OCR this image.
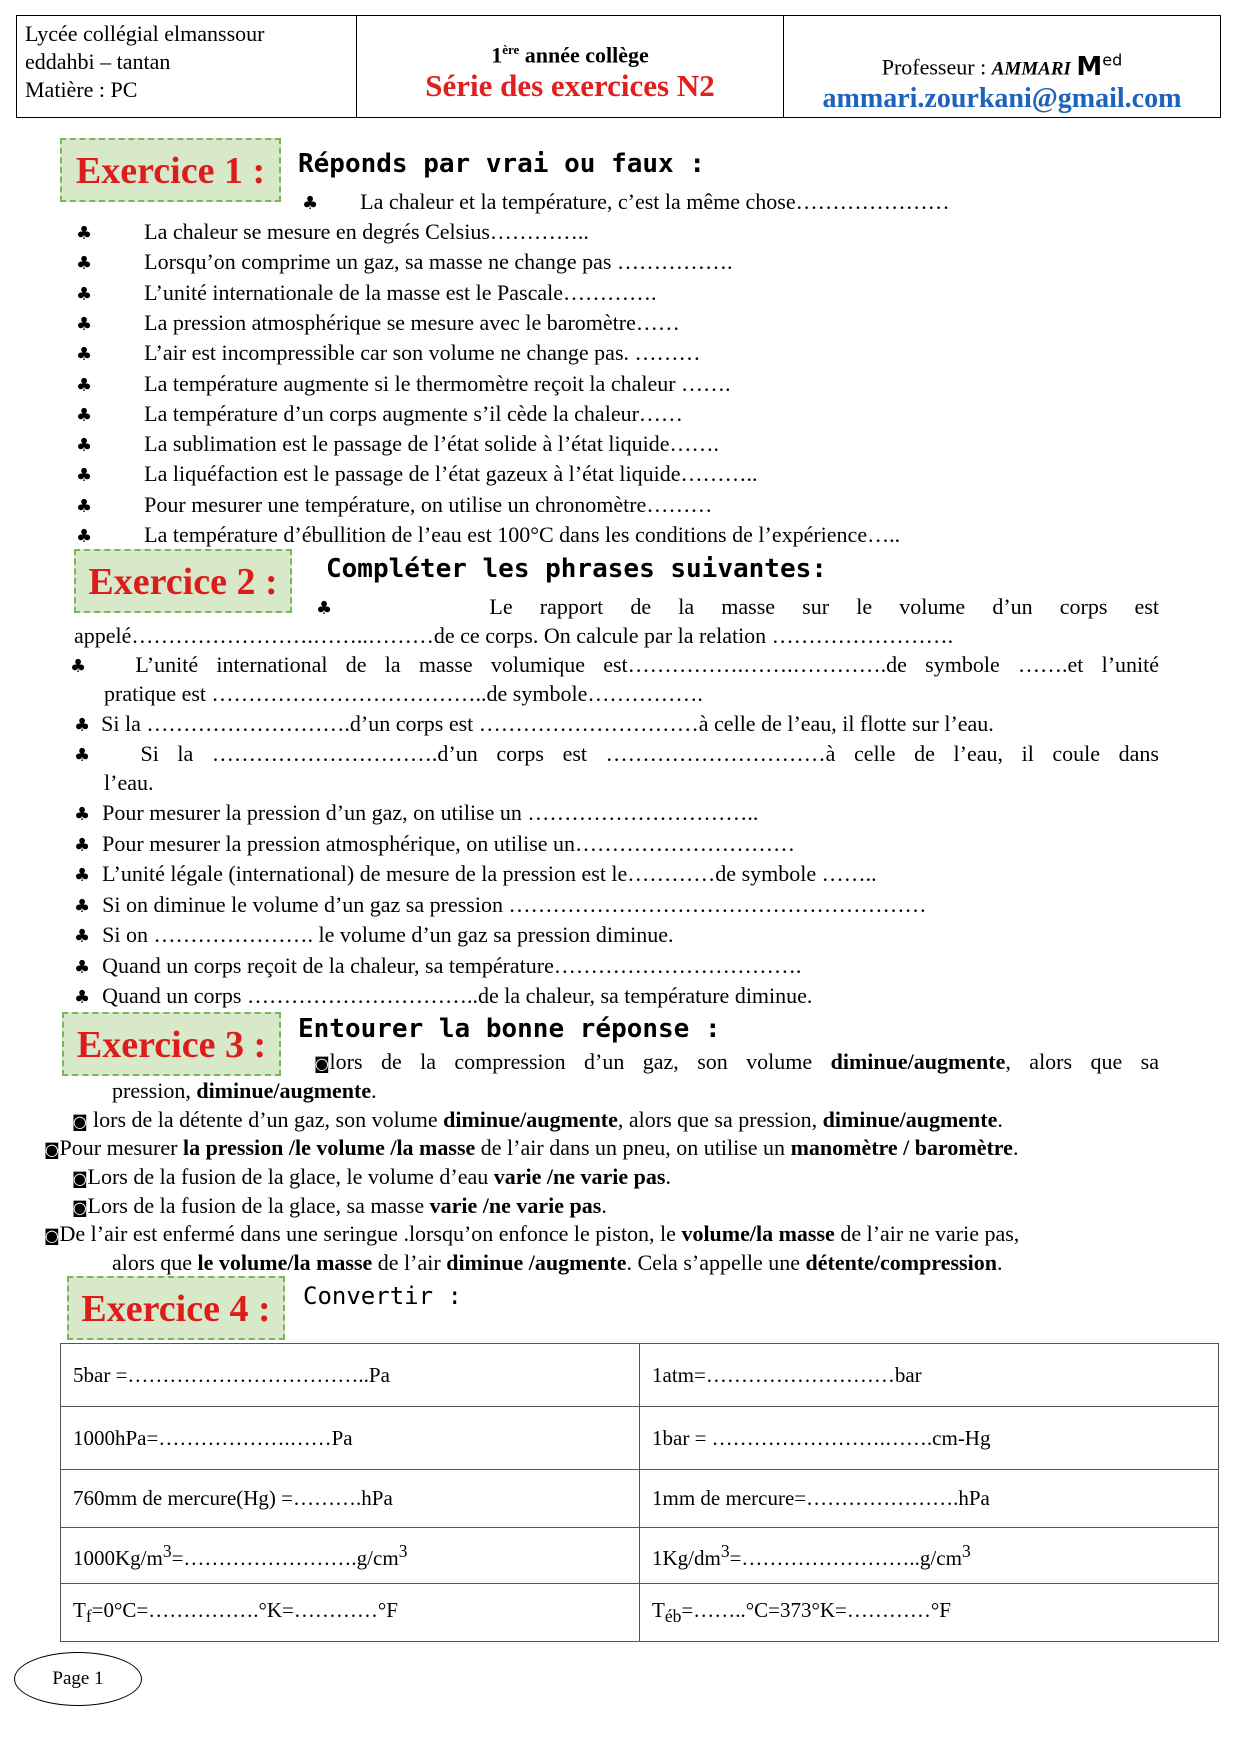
Lycée collégial elmanssour
eddahbi – tantan
Matière : PC
1ère année collège
Série des exercices N2
Professeur : AMMARI $M^{ed}$
ammari.zourkani@gmail.com
Exercice 1 :	Réponds par vrai ou faux :
♣ La chaleur et la température, c’est la même chose…………………
♣ La chaleur se mesure en degrés Celsius…………..
♣ Lorsqu’on comprime un gaz, sa masse ne change pas …………….
♣ L’unité internationale de la masse est le Pascale………….
♣ La pression atmosphérique se mesure avec le baromètre……
♣ L’air est incompressible car son volume ne change pas. ………
♣ La température augmente si le thermomètre reçoit la chaleur …….
♣ La température d’un corps augmente s’il cède la chaleur……
♣ La sublimation est le passage de l’état solide à l’état liquide…….
♣ La liquéfaction est le passage de l’état gazeux à l’état liquide………..
♣ Pour mesurer une température, on utilise un chronomètre………
♣ La température d’ébullition de l’eau est 100°C dans les conditions de l’expérience…..
Exercice 2 :	Compléter les phrases suivantes:
♣	Le rapport de la masse sur le volume d’un corps est
appelé…………………….……..………de ce corps. On calcule par la relation …………………….
♣ L’unité international de la masse volumique est…………….…….………….de symbole …….et l’unité
pratique est ………………………………..de symbole…………….
♣ Si la ……………………….d’un corps est …………………………à celle de l’eau, il flotte sur l’eau.
♣ Si la ………………………….d’un corps est …………………………à celle de l’eau, il coule dans
l’eau.
♣ Pour mesurer la pression d’un gaz, on utilise un …………………………..
♣ Pour mesurer la pression atmosphérique, on utilise un…………………………
♣ L’unité légale (international) de mesure de la pression est le…………de symbole ……..
♣ Si on diminue le volume d’un gaz sa pression …………………………………………………
♣ Si on …………………. le volume d’un gaz sa pression diminue.
♣ Quand un corps reçoit de la chaleur, sa température…………………………….
♣ Quand un corps …………………………..de la chaleur, sa température diminue.
Exercice 3 :	Entourer la bonne réponse :
◙lors de la compression d’un gaz, son volume diminue/augmente, alors que sa
pression, diminue/augmente.
◙ lors de la détente d’un gaz, son volume diminue/augmente, alors que sa pression, diminue/augmente.
◙Pour mesurer la pression /le volume /la masse de l’air dans un pneu, on utilise un manomètre / baromètre.
◙Lors de la fusion de la glace, le volume d’eau varie /ne varie pas.
◙Lors de la fusion de la glace, sa masse varie /ne varie pas.
◙De l’air est enfermé dans une seringue .lorsqu’on enfonce le piston, le volume/la masse de l’air ne varie pas,
alors que le volume/la masse de l’air diminue /augmente. Cela s’appelle une détente/compression.
Exercice 4 :	Convertir :
5bar =……………………………..Pa	1atm=………………………bar
1000hPa=……………….……Pa	1bar = …………………….…….cm-Hg
760mm de mercure(Hg) =……….hPa	1mm de mercure=………………….hPa
$1000Kg/m^3=\dots\dots\dots\dots\dots\dots\dots\dots.g/cm^3$	$1Kg/dm^3=\dots\dots\dots\dots\dots\dots\dots\dots..g/cm^3$
$T_f=0^\circ C=\dots\dots\dots\dots\dots.^\circ K=\dots\dots\dots\dots^\circ F$	$T_{éb}=\dots\dots..^\circ C=373^\circ K=\dots\dots\dots\dots^\circ F$
Page 1
